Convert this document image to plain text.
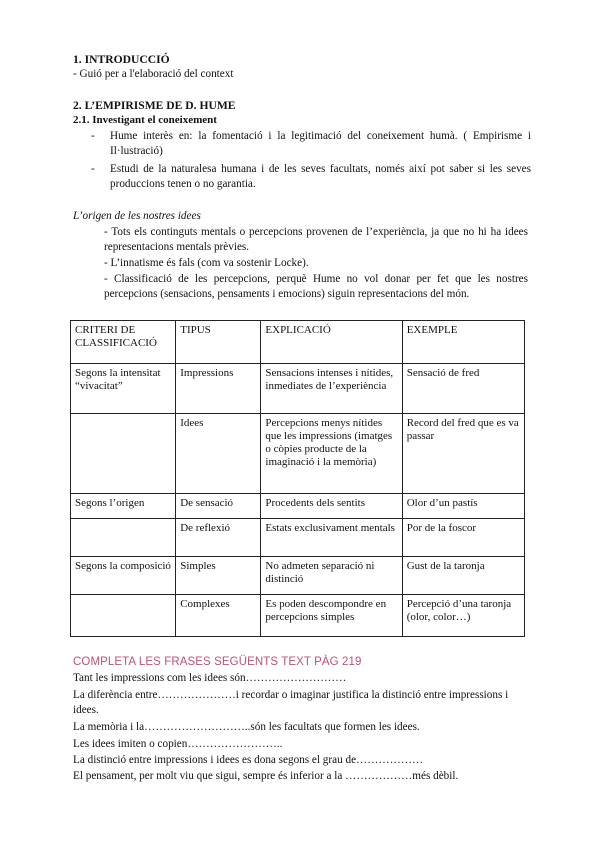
1. INTRODUCCIÓ
- Guió per a l'elaboració del context
2. L’EMPIRISME DE D. HUME
2.1. Investigant el coneixement
- Hume interès en: la fomentació i la legitimació del coneixement humà. ( Empirisme i Il·lustració)
- Estudi de la naturalesa humana i de les seves facultats, només així pot saber si les seves produccions tenen o no garantia.
L’origen de les nostres idees
- Tots els continguts mentals o percepcions provenen de l’experiència, ja que no hi ha idees representacions mentals prèvies.
- L’innatisme és fals (com va sostenir Locke).
- Classificació de les percepcions, perquè Hume no vol donar per fet que les nostres percepcions (sensacions, pensaments i emocions) siguin representacions del món.
CRITERI DE CLASSIFICACIÓ	TIPUS	EXPLICACIÓ	EXEMPLE
Segons la intensitat “vivacitat”	Impressions	Sensacions intenses i nítides, inmediates de l’experiència	Sensació de fred
	Idees	Percepcions menys nítides que les impressions (imatges o còpies producte de la imaginació i la memòria)	Record del fred que es va passar
Segons l’origen	De sensació	Procedents dels sentits	Olor d’un pastís
	De reflexió	Estats exclusivament mentals	Por de la foscor
Segons la composició	Simples	No admeten separació ni distinció	Gust de la taronja
	Complexes	Es poden descompondre en percepcions simples	Percepció d’una taronja (olor, color…)
COMPLETA LES FRASES SEGÜENTS TEXT PÀG 219
Tant les impressions com les idees són………………………
La diferència entre…………………i recordar o imaginar justifica la distinció entre impressions i
idees.
La memòria i la………………………..són les facultats que formen les idees.
Les idees imiten o copien……………………..
La distinció entre impressions i idees es dona segons el grau de………………
El pensament, per molt viu que sigui, sempre és inferior a la ………………més dèbil.
